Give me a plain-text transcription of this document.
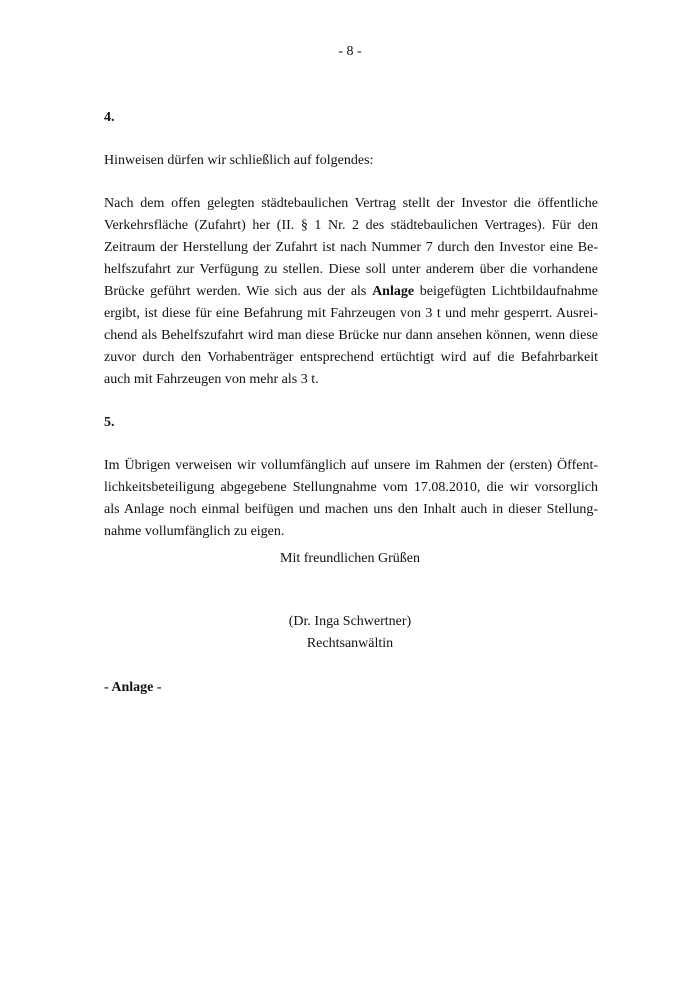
- 8 -
4.
Hinweisen dürfen wir schließlich auf folgendes:
Nach dem offen gelegten städtebaulichen Vertrag stellt der Investor die öffentliche
Verkehrsfläche (Zufahrt) her (II. § 1 Nr. 2 des städtebaulichen Vertrages). Für den
Zeitraum der Herstellung der Zufahrt ist nach Nummer 7 durch den Investor eine Be-
helfszufahrt zur Verfügung zu stellen. Diese soll unter anderem über die vorhandene
Brücke geführt werden. Wie sich aus der als Anlage beigefügten Lichtbildaufnahme
ergibt, ist diese für eine Befahrung mit Fahrzeugen von 3 t und mehr gesperrt. Ausrei-
chend als Behelfszufahrt wird man diese Brücke nur dann ansehen können, wenn diese
zuvor durch den Vorhabenträger entsprechend ertüchtigt wird auf die Befahrbarkeit
auch mit Fahrzeugen von mehr als 3 t.
5.
Im Übrigen verweisen wir vollumfänglich auf unsere im Rahmen der (ersten) Öffent-
lichkeitsbeteiligung abgegebene Stellungnahme vom 17.08.2010, die wir vorsorglich
als Anlage noch einmal beifügen und machen uns den Inhalt auch in dieser Stellung-
nahme vollumfänglich zu eigen.
Mit freundlichen Grüßen
(Dr. Inga Schwertner)
Rechtsanwältin
- Anlage -
